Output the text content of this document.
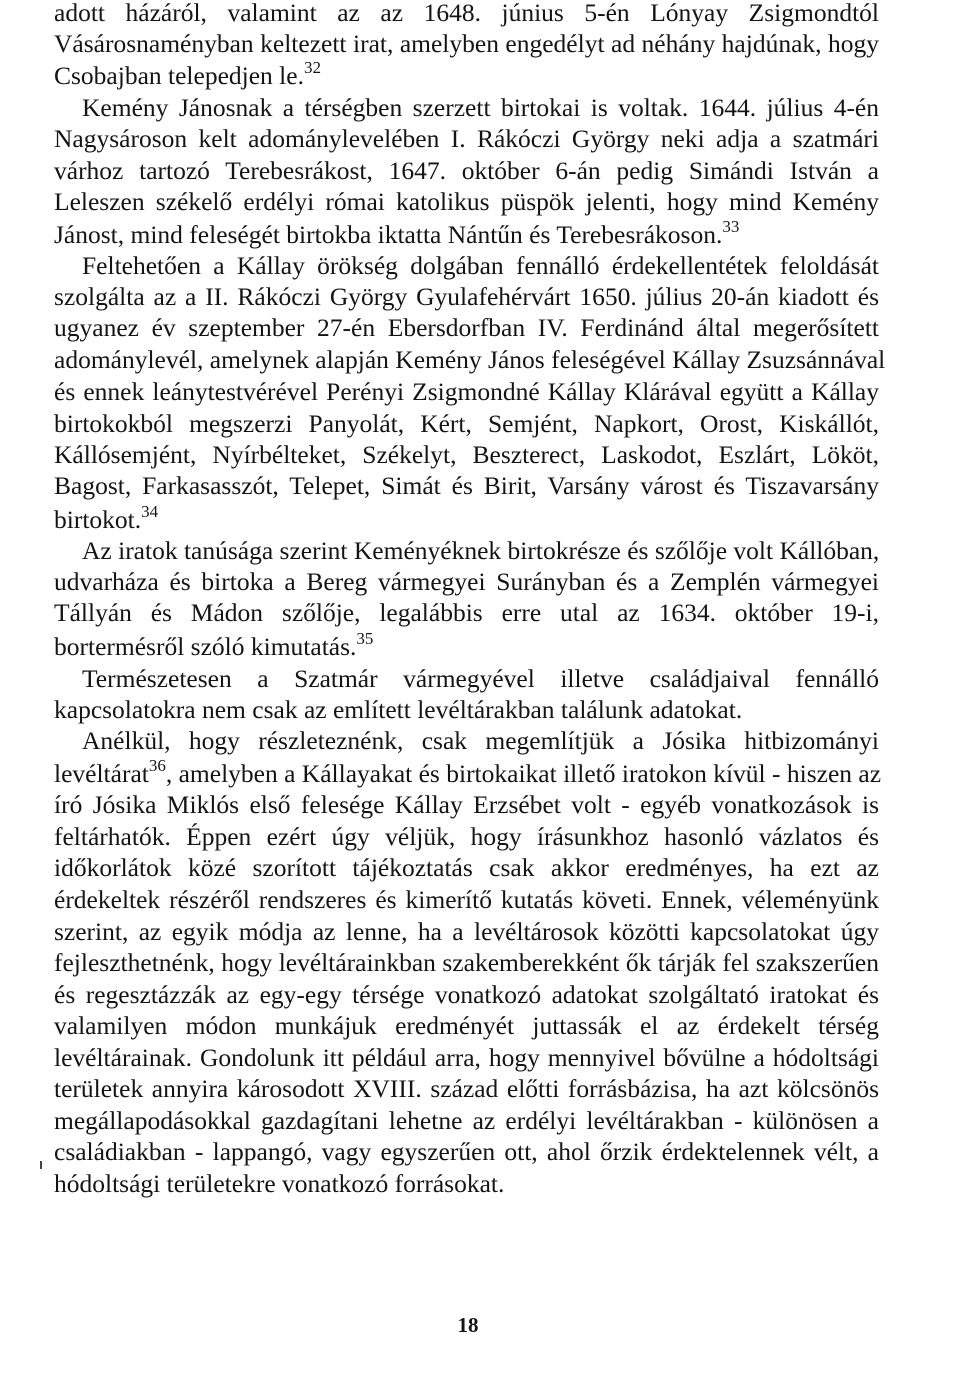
adott házáról, valamint az az 1648. június 5-én Lónyay Zsigmondtól
Vásárosnaményban keltezett irat, amelyben engedélyt ad néhány hajdúnak, hogy
Csobajban telepedjen le.$^{32}$
Kemény Jánosnak a térségben szerzett birtokai is voltak. 1644. július 4-én
Nagysároson kelt adománylevelében I. Rákóczi György neki adja a szatmári
várhoz tartozó Terebesrákost, 1647. október 6-án pedig Simándi István a
Leleszen székelő erdélyi római katolikus püspök jelenti, hogy mind Kemény
Jánost, mind feleségét birtokba iktatta Nántűn és Terebesrákoson.$^{33}$
Feltehetően a Kállay örökség dolgában fennálló érdekellentétek feloldását
szolgálta az a II. Rákóczi György Gyulafehérvárt 1650. július 20-án kiadott és
ugyanez év szeptember 27-én Ebersdorfban IV. Ferdinánd által megerősített
adománylevél, amelynek alapján Kemény János feleségével Kállay Zsuzsánnával
és ennek leánytestvérével Perényi Zsigmondné Kállay Klárával együtt a Kállay
birtokokból megszerzi Panyolát, Kért, Semjént, Napkort, Orost, Kiskállót,
Kállósemjént, Nyírbélteket, Székelyt, Beszterect, Laskodot, Eszlárt, Lököt,
Bagost, Farkasasszót, Telepet, Simát és Birit, Varsány várost és Tiszavarsány
birtokot.$^{34}$
Az iratok tanúsága szerint Keményéknek birtokrésze és szőlője volt Kállóban,
udvarháza és birtoka a Bereg vármegyei Surányban és a Zemplén vármegyei
Tállyán és Mádon szőlője, legalábbis erre utal az 1634. október 19-i,
bortermésről szóló kimutatás.$^{35}$
Természetesen a Szatmár vármegyével illetve családjaival fennálló
kapcsolatokra nem csak az említett levéltárakban találunk adatokat.
Anélkül, hogy részleteznénk, csak megemlítjük a Jósika hitbizományi
levéltárat$^{36}$, amelyben a Kállayakat és birtokaikat illető iratokon kívül - hiszen az
író Jósika Miklós első felesége Kállay Erzsébet volt - egyéb vonatkozások is
feltárhatók. Éppen ezért úgy véljük, hogy írásunkhoz hasonló vázlatos és
időkorlátok közé szorított tájékoztatás csak akkor eredményes, ha ezt az
érdekeltek részéről rendszeres és kimerítő kutatás követi. Ennek, véleményünk
szerint, az egyik módja az lenne, ha a levéltárosok közötti kapcsolatokat úgy
fejleszthetnénk, hogy levéltárainkban szakemberekként ők tárják fel szakszerűen
és regesztázzák az egy-egy térsége vonatkozó adatokat szolgáltató iratokat és
valamilyen módon munkájuk eredményét juttassák el az érdekelt térség
levéltárainak. Gondolunk itt például arra, hogy mennyivel bővülne a hódoltsági
területek annyira károsodott XVIII. század előtti forrásbázisa, ha azt kölcsönös
megállapodásokkal gazdagítani lehetne az erdélyi levéltárakban - különösen a
családiakban - lappangó, vagy egyszerűen ott, ahol őrzik érdektelennek vélt, a
hódoltsági területekre vonatkozó forrásokat.
18
